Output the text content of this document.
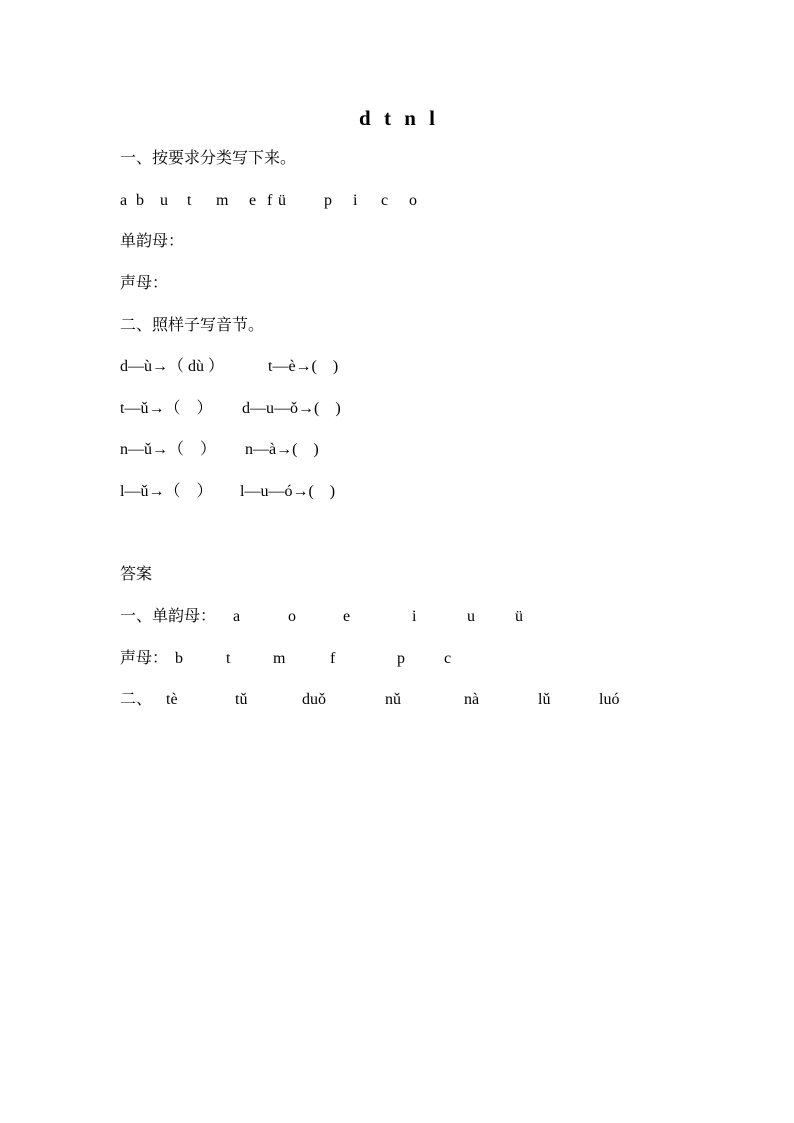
d t n l
一、按要求分类写下来。
a b u t m e f ü p i c o
单韵母：
声母：
二、照样子写音节。
d—ù→（ dù ）	t—è→(　)
t—ǔ→（　） d—u—ǒ→(　)
n—ǔ→（　） n—à→(　)
l—ǔ→（　） l—u—ó→(　)
答案
一、单韵母： a	o	e	i	u	ü
声母： b	t	m	f	p c
二、 tè	tǔ	duǒ	nǔ	nà	lǔ	luó
